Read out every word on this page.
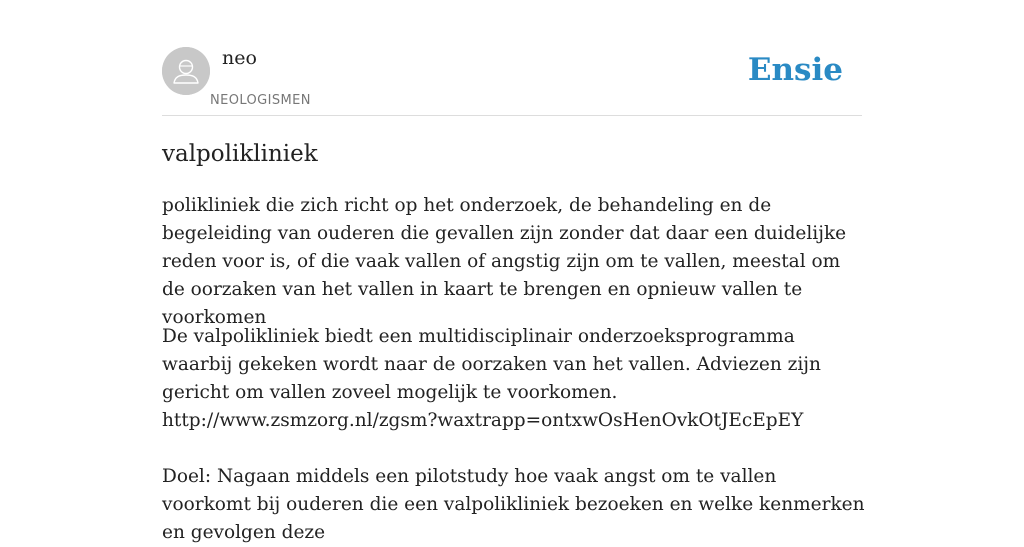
neo
NEOLOGISMEN
Ensie
valpolikliniek

polikliniek die zich richt op het onderzoek, de behandeling en de begeleiding van ouderen die gevallen zijn zonder dat daar een duidelijke reden voor is, of die vaak vallen of angstig zijn om te vallen, meestal om de oorzaken van het vallen in kaart te brengen en opnieuw vallen te voorkomen

De valpolikliniek biedt een multidisciplinair onderzoeksprogramma waarbij gekeken wordt naar de oorzaken van het vallen. Adviezen zijn gericht om vallen zoveel mogelijk te voorkomen.
http://www.zsmzorg.nl/zgsm?waxtrapp=ontxwOsHenOvkOtJEcEpEY
Doel: Nagaan middels een pilotstudy hoe vaak angst om te vallen voorkomt bij ouderen die een valpolikliniek bezoeken en welke kenmerken en gevolgen deze
